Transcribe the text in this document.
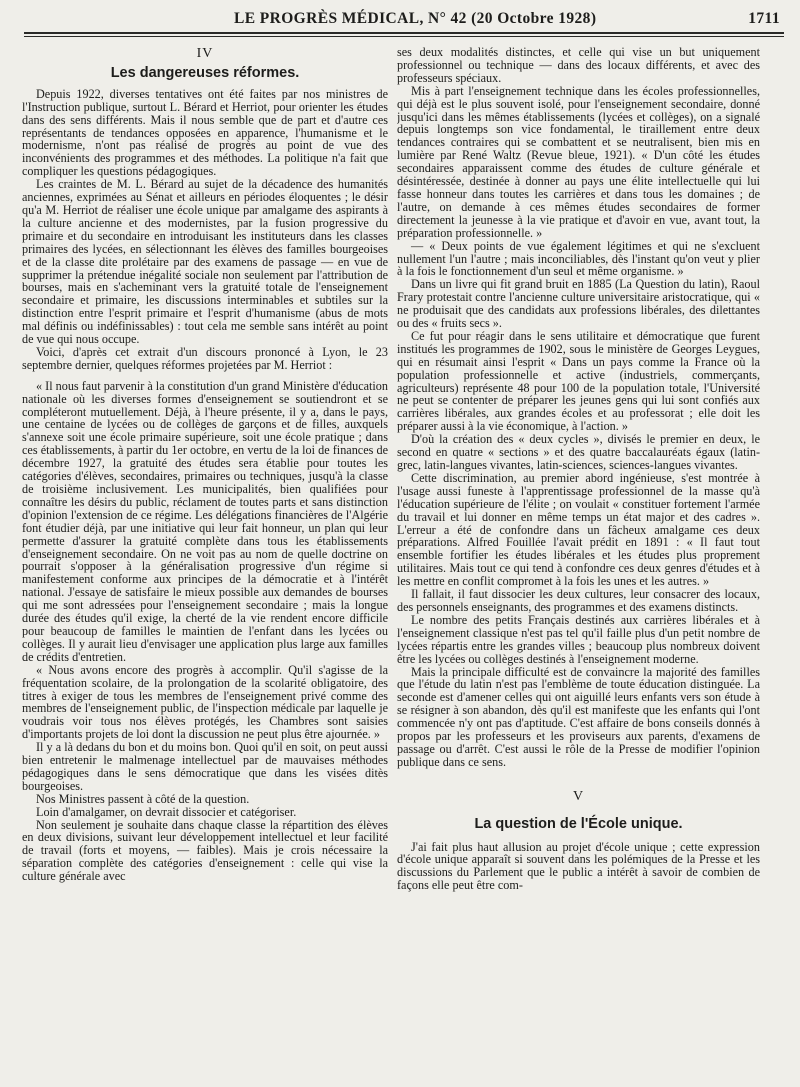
LE PROGRÈS MÉDICAL, N° 42 (20 Octobre 1928)	1711
IV
Les dangereuses réformes.

Depuis 1922, diverses tentatives ont été faites par nos ministres de l'Instruction publique, surtout L. Bérard et Herriot, pour orienter les études dans des sens différents. Mais il nous semble que de part et d'autre ces représentants de tendances opposées en apparence, l'humanisme et le modernisme, n'ont pas réalisé de progrès au point de vue des inconvénients des programmes et des méthodes. La politique n'a fait que compliquer les questions pédagogiques.

Les craintes de M. L. Bérard au sujet de la décadence des humanités anciennes, exprimées au Sénat et ailleurs en périodes éloquentes ; le désir qu'a M. Herriot de réaliser une école unique par amalgame des aspirants à la culture ancienne et des modernistes, par la fusion progressive du primaire et du secondaire en introduisant les instituteurs dans les classes primaires des lycées, en sélectionnant les élèves des familles bourgeoises et de la classe dite prolétaire par des examens de passage — en vue de supprimer la prétendue inégalité sociale non seulement par l'attribution de bourses, mais en s'acheminant vers la gratuité totale de l'enseignement secondaire et primaire, les discussions interminables et subtiles sur la distinction entre l'esprit primaire et l'esprit d'humanisme (abus de mots mal définis ou indéfinissables) : tout cela me semble sans intérêt au point de vue qui nous occupe.

Voici, d'après cet extrait d'un discours prononcé à Lyon, le 23 septembre dernier, quelques réformes projetées par M. Herriot :

« Il nous faut parvenir à la constitution d'un grand Ministère d'éducation nationale où les diverses formes d'enseignement se soutiendront et se compléteront mutuellement. Déjà, à l'heure présente, il y a, dans le pays, une centaine de lycées ou de collèges de garçons et de filles, auxquels s'annexe soit une école primaire supérieure, soit une école pratique ; dans ces établissements, à partir du 1er octobre, en vertu de la loi de finances de décembre 1927, la gratuité des études sera établie pour toutes les catégories d'élèves, secondaires, primaires ou techniques, jusqu'à la classe de troisième inclusivement. Les municipalités, bien qualifiées pour connaître les désirs du public, réclament de toutes parts et sans distinction d'opinion l'extension de ce régime. Les délégations financières de l'Algérie font étudier déjà, par une initiative qui leur fait honneur, un plan qui leur permette d'assurer la gratuité complète dans tous les établissements d'enseignement secondaire. On ne voit pas au nom de quelle doctrine on pourrait s'opposer à la généralisation progressive d'un régime si manifestement conforme aux principes de la démocratie et à l'intérêt national. J'essaye de satisfaire le mieux possible aux demandes de bourses qui me sont adressées pour l'enseignement secondaire ; mais la longue durée des études qu'il exige, la cherté de la vie rendent encore difficile pour beaucoup de familles le maintien de l'enfant dans les lycées ou collèges. Il y aurait lieu d'envisager une application plus large aux familles de crédits d'entretien.

« Nous avons encore des progrès à accomplir. Qu'il s'agisse de la fréquentation scolaire, de la prolongation de la scolarité obligatoire, des titres à exiger de tous les membres de l'enseignement privé comme des membres de l'enseignement public, de l'inspection médicale par laquelle je voudrais voir tous nos élèves protégés, les Chambres sont saisies d'importants projets de loi dont la discussion ne peut plus être ajournée. »

Il y a là dedans du bon et du moins bon. Quoi qu'il en soit, on peut aussi bien entretenir le malmenage intellectuel par de mauvaises méthodes pédagogiques dans le sens démocratique que dans les visées ditès bourgeoises.

Nos Ministres passent à côté de la question.

Loin d'amalgamer, on devrait dissocier et catégoriser.

Non seulement je souhaite dans chaque classe la répartition des élèves en deux divisions, suivant leur développement intellectuel et leur facilité de travail (forts et moyens, — faibles). Mais je crois nécessaire la séparation complète des catégories d'enseignement : celle qui vise la culture générale avec

ses deux modalités distinctes, et celle qui vise un but uniquement professionnel ou technique — dans des locaux différents, et avec des professeurs spéciaux.

Mis à part l'enseignement technique dans les écoles professionnelles, qui déjà est le plus souvent isolé, pour l'enseignement secondaire, donné jusqu'ici dans les mêmes établissements (lycées et collèges), on a signalé depuis longtemps son vice fondamental, le tiraillement entre deux tendances contraires qui se combattent et se neutralisent, bien mis en lumière par René Waltz (Revue bleue, 1921). « D'un côté les études secondaires apparaissent comme des études de culture générale et désintéressée, destinée à donner au pays une élite intellectuelle qui lui fasse honneur dans toutes les carrières et dans tous les domaines ; de l'autre, on demande à ces mêmes études secondaires de former directement la jeunesse à la vie pratique et d'avoir en vue, avant tout, la préparation professionnelle. »

— « Deux points de vue également légitimes et qui ne s'excluent nullement l'un l'autre ; mais inconciliables, dès l'instant qu'on veut y plier à la fois le fonctionnement d'un seul et même organisme. »

Dans un livre qui fit grand bruit en 1885 (La Question du latin), Raoul Frary protestait contre l'ancienne culture universitaire aristocratique, qui « ne produisait que des candidats aux professions libérales, des dilettantes ou des « fruits secs ».

Ce fut pour réagir dans le sens utilitaire et démocratique que furent institués les programmes de 1902, sous le ministère de Georges Leygues, qui en résumait ainsi l'esprit « Dans un pays comme la France où la population professionnelle et active (industriels, commerçants, agriculteurs) représente 48 pour 100 de la population totale, l'Université ne peut se contenter de préparer les jeunes gens qui lui sont confiés aux carrières libérales, aux grandes écoles et au professorat ; elle doit les préparer aussi à la vie économique, à l'action. »

D'où la création des « deux cycles », divisés le premier en deux, le second en quatre « sections » et des quatre baccalauréats égaux (latin-grec, latin-langues vivantes, latin-sciences, sciences-langues vivantes.

Cette discrimination, au premier abord ingénieuse, s'est montrée à l'usage aussi funeste à l'apprentissage professionnel de la masse qu'à l'éducation supérieure de l'élite ; on voulait « constituer fortement l'armée du travail et lui donner en même temps un état major et des cadres ». L'erreur a été de confondre dans un fâcheux amalgame ces deux préparations. Alfred Fouillée l'avait prédit en 1891 : « Il faut tout ensemble fortifier les études libérales et les études plus proprement utilitaires. Mais tout ce qui tend à confondre ces deux genres d'études et à les mettre en conflit compromet à la fois les unes et les autres. »

Il fallait, il faut dissocier les deux cultures, leur consacrer des locaux, des personnels enseignants, des programmes et des examens distincts.

Le nombre des petits Français destinés aux carrières libérales et à l'enseignement classique n'est pas tel qu'il faille plus d'un petit nombre de lycées répartis entre les grandes villes ; beaucoup plus nombreux doivent être les lycées ou collèges destinés à l'enseignement moderne.

Mais la principale difficulté est de convaincre la majorité des familles que l'étude du latin n'est pas l'emblème de toute éducation distinguée. La seconde est d'amener celles qui ont aiguillé leurs enfants vers son étude à se résigner à son abandon, dès qu'il est manifeste que les enfants qui l'ont commencée n'y ont pas d'aptitude. C'est affaire de bons conseils donnés à propos par les professeurs et les proviseurs aux parents, d'examens de passage ou d'arrêt. C'est aussi le rôle de la Presse de modifier l'opinion publique dans ce sens.

V
La question de l'École unique.

J'ai fait plus haut allusion au projet d'école unique ; cette expression d'école unique apparaît si souvent dans les polémiques de la Presse et les discussions du Parlement que le public a intérêt à savoir de combien de façons elle peut être com-
